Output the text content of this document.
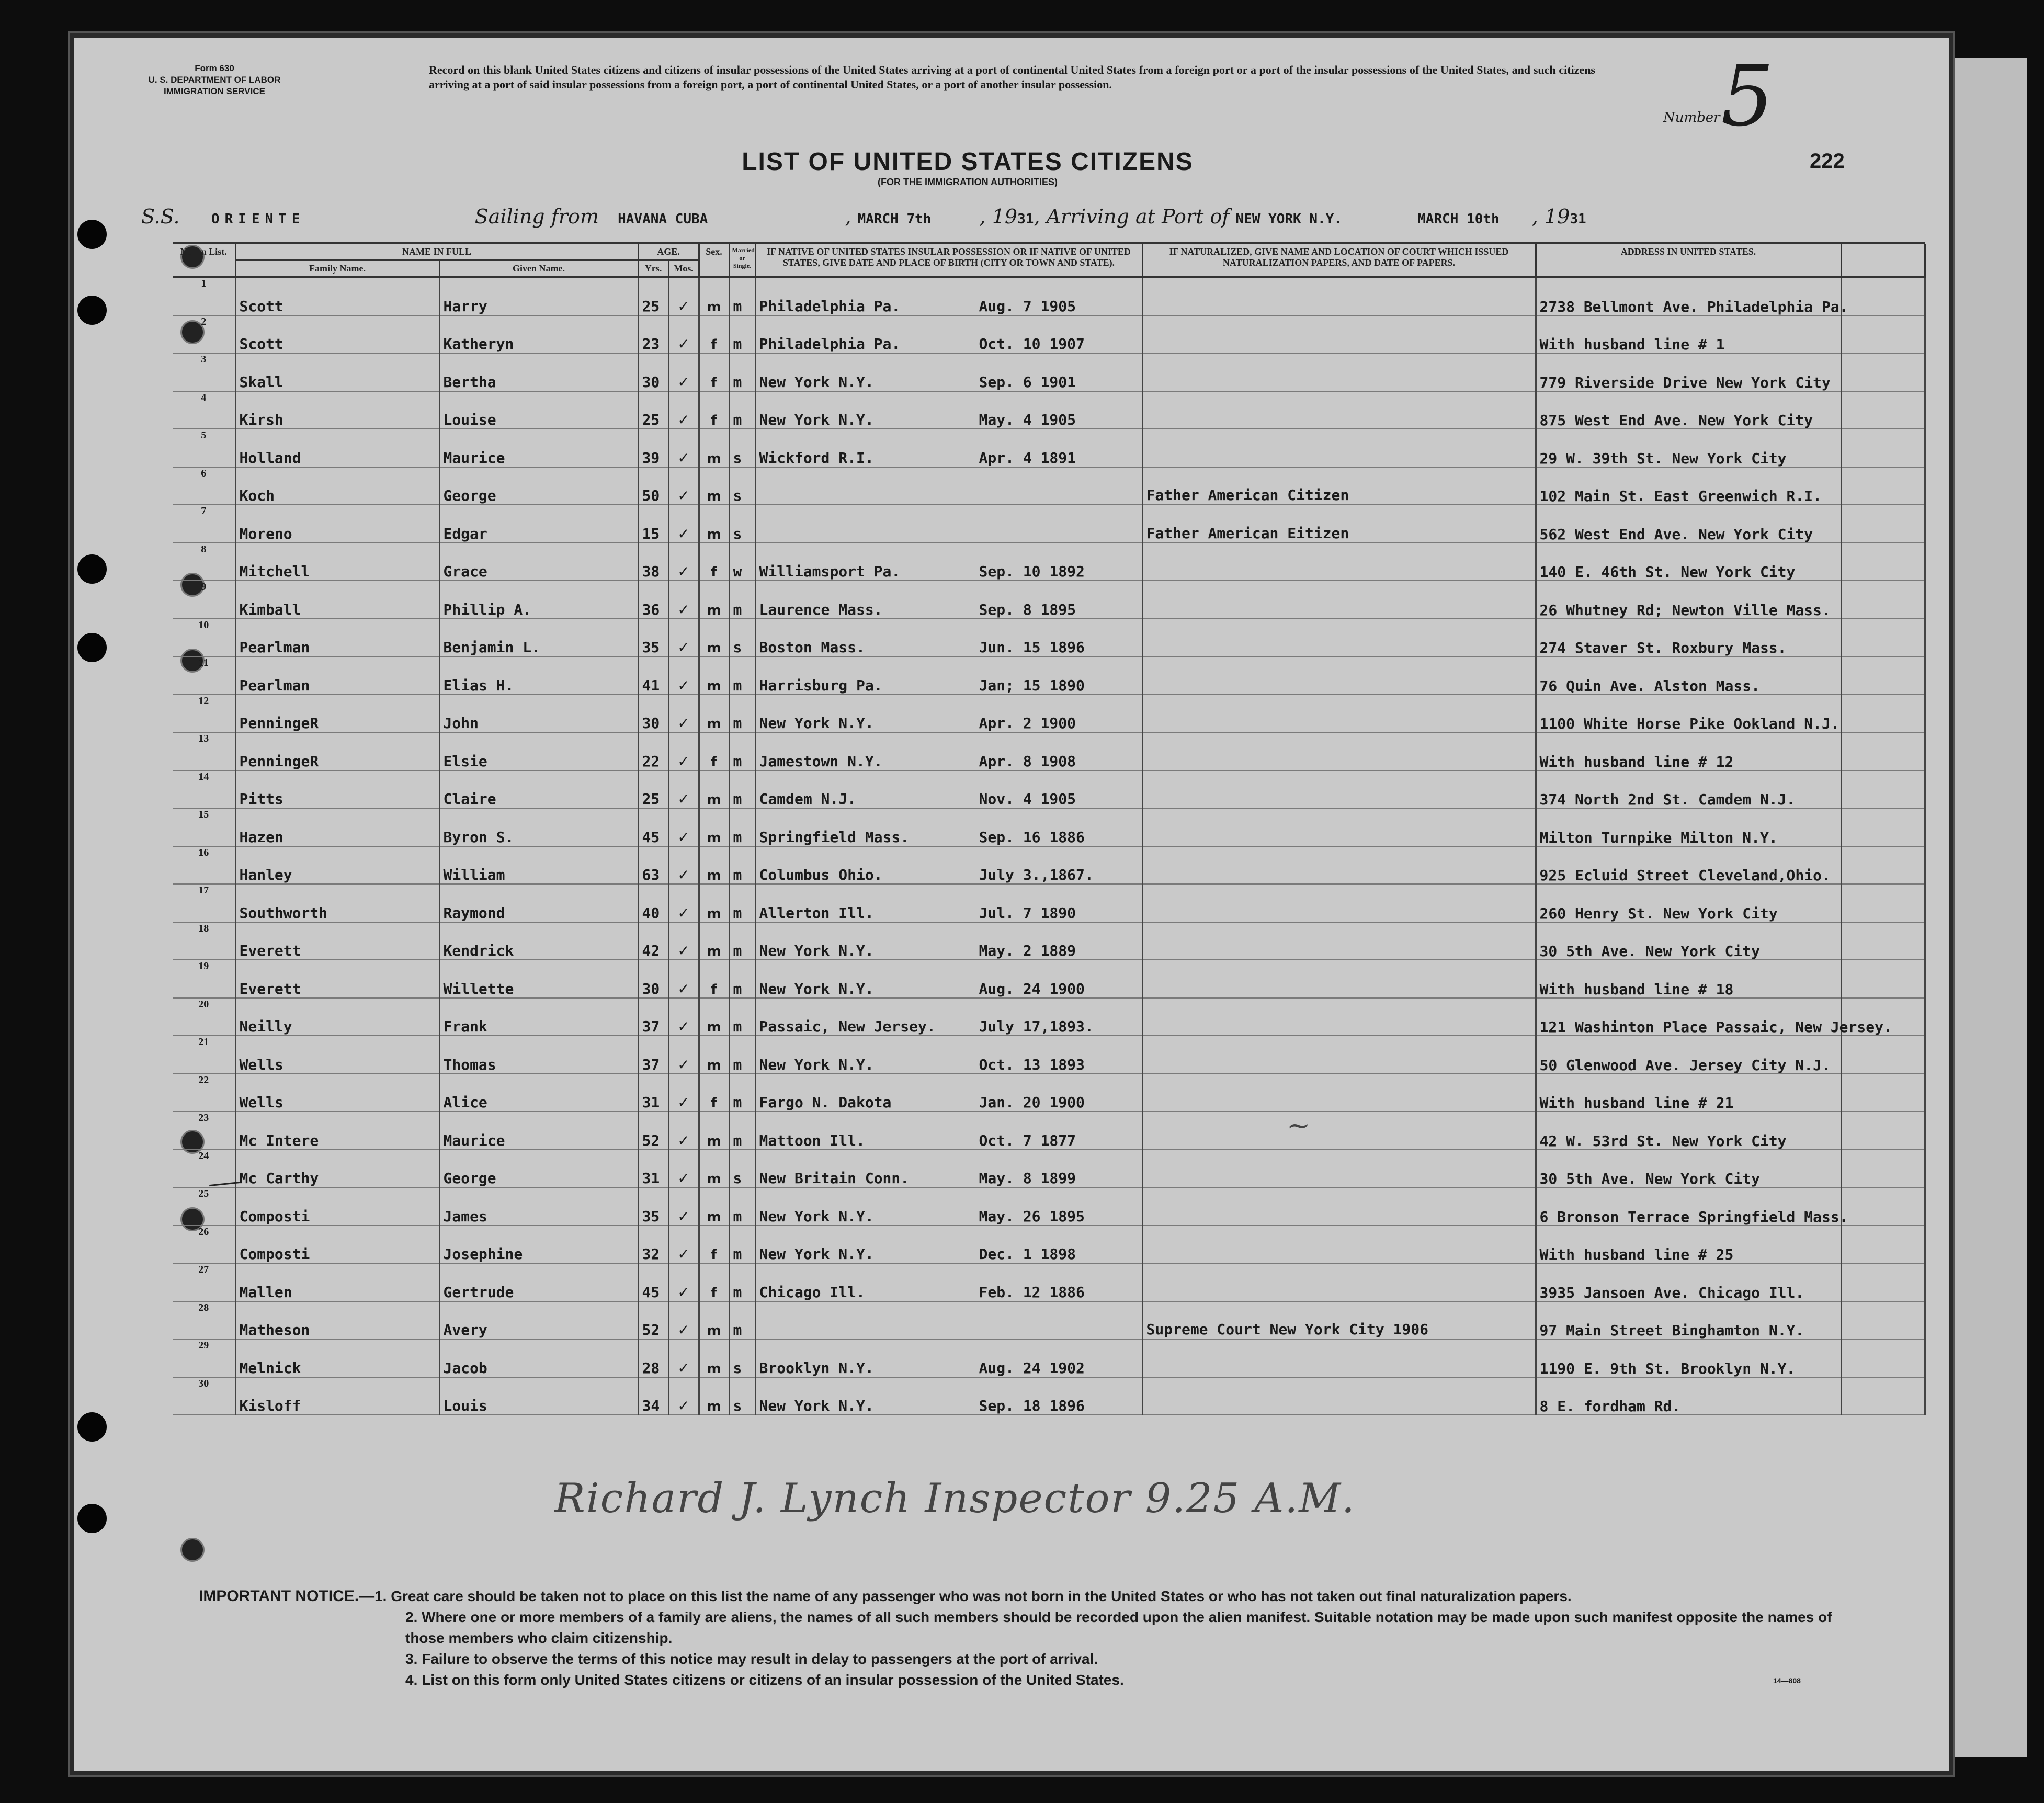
Form 630
U. S. DEPARTMENT OF LABOR
IMMIGRATION SERVICE
Record on this blank United States citizens and citizens of insular possessions of the United States arriving at a port of continental United States from a foreign port or a port of the insular possessions of the United States, and such citizens arriving at a port of said insular possessions from a foreign port, a port of continental United States, or a port of another insular possession.
Number 5
222
LIST OF UNITED STATES CITIZENS
(FOR THE IMMIGRATION AUTHORITIES)
S.S. ORIENTE	Sailing from HAVANA CUBA	, MARCH 7th , 1931, Arriving at Port of NEW YORK N.Y.	MARCH 10th , 1931
No. on List.	NAME IN FULL		AGE.		Sex.	Married or Single.	IF NATIVE OF UNITED STATES INSULAR POSSESSION OR IF NATIVE OF UNITED STATES, GIVE DATE AND PLACE OF BIRTH (CITY OR TOWN AND STATE).	IF NATURALIZED, GIVE NAME AND LOCATION OF COURT WHICH ISSUED NATURALIZATION PAPERS, AND DATE OF PAPERS.	ADDRESS IN UNITED STATES.	
	Family Name.	Given Name.	Yrs.	Mos.						
1	Scott	Harry	25	✓	m	m	Philadelphia Pa. Aug. 7 1905		2738 Bellmont Ave. Philadelphia Pa.	
2	Scott	Katheryn	23	✓	f	m	Philadelphia Pa. Oct. 10 1907		With husband line # 1	
3	Skall	Bertha	30	✓	f	m	New York N.Y. Sep. 6 1901		779 Riverside Drive New York City	
4	Kirsh	Louise	25	✓	f	m	New York N.Y. May. 4 1905		875 West End Ave. New York City	
5	Holland	Maurice	39	✓	m	s	Wickford R.I. Apr. 4 1891		29 W. 39th St. New York City	
6	Koch	George	50	✓	m	s		Father American Citizen	102 Main St. East Greenwich R.I.	
7	Moreno	Edgar	15	✓	m	s		Father American Eitizen	562 West End Ave. New York City	
8	Mitchell	Grace	38	✓	f	w	Williamsport Pa. Sep. 10 1892		140 E. 46th St. New York City	
9	Kimball	Phillip A.	36	✓	m	m	Laurence Mass. Sep. 8 1895		26 Whutney Rd; Newton Ville Mass.	
10	Pearlman	Benjamin L.	35	✓	m	s	Boston Mass. Jun. 15 1896		274 Staver St. Roxbury Mass.	
11	Pearlman	Elias H.	41	✓	m	m	Harrisburg Pa. Jan; 15 1890		76 Quin Ave. Alston Mass.	
12	PenningeR	John	30	✓	m	m	New York N.Y. Apr. 2 1900		1100 White Horse Pike Ookland N.J.	
13	PenningeR	Elsie	22	✓	f	m	Jamestown N.Y. Apr. 8 1908		With husband line # 12	
14	Pitts	Claire	25	✓	m	m	Camdem N.J. Nov. 4 1905		374 North 2nd St. Camdem N.J.	
15	Hazen	Byron S.	45	✓	m	m	Springfield Mass. Sep. 16 1886		Milton Turnpike Milton N.Y.	
16	Hanley	William	63	✓	m	m	Columbus Ohio. July 3.,1867.		925 Ecluid Street Cleveland,Ohio.	
17	Southworth	Raymond	40	✓	m	m	Allerton Ill. Jul. 7 1890		260 Henry St. New York City	
18	Everett	Kendrick	42	✓	m	m	New York N.Y. May. 2 1889		30 5th Ave. New York City	
19	Everett	Willette	30	✓	f	m	New York N.Y. Aug. 24 1900		With husband line # 18	
20	Neilly	Frank	37	✓	m	m	Passaic, New Jersey. July 17,1893.		121 Washinton Place Passaic, New Jersey.	
21	Wells	Thomas	37	✓	m	m	New York N.Y. Oct. 13 1893		50 Glenwood Ave. Jersey City N.J.	
22	Wells	Alice	31	✓	f	m	Fargo N. Dakota Jan. 20 1900		With husband line # 21	
23	Mc Intere	Maurice	52	✓	m	m	Mattoon Ill. Oct. 7 1877		42 W. 53rd St. New York City	
24	Mc Carthy	George	31	✓	m	s	New Britain Conn. May. 8 1899		30 5th Ave. New York City	
25	Composti	James	35	✓	m	m	New York N.Y. May. 26 1895		6 Bronson Terrace Springfield Mass.	
26	Composti	Josephine	32	✓	f	m	New York N.Y. Dec. 1 1898		With husband line # 25	
27	Mallen	Gertrude	45	✓	f	m	Chicago Ill. Feb. 12 1886		3935 Jansoen Ave. Chicago Ill.	
28	Matheson	Avery	52	✓	m	m		Supreme Court New York City 1906	97 Main Street Binghamton N.Y.	
29	Melnick	Jacob	28	✓	m	s	Brooklyn N.Y. Aug. 24 1902		1190 E. 9th St. Brooklyn N.Y.	
30	Kisloff	Louis	34	✓	m	s	New York N.Y. Sep. 18 1896		8 E. fordham Rd.	
~
Richard J. Lynch Inspector 9.25 A.M.
IMPORTANT NOTICE.—1. Great care should be taken not to place on this list the name of any passenger who was not born in the United States or who has not taken out final naturalization papers.
2. Where one or more members of a family are aliens, the names of all such members should be recorded upon the alien manifest. Suitable notation may be made upon such manifest opposite the names of those members who claim citizenship.
3. Failure to observe the terms of this notice may result in delay to passengers at the port of arrival.
4. List on this form only United States citizens or citizens of an insular possession of the United States.	14—808
